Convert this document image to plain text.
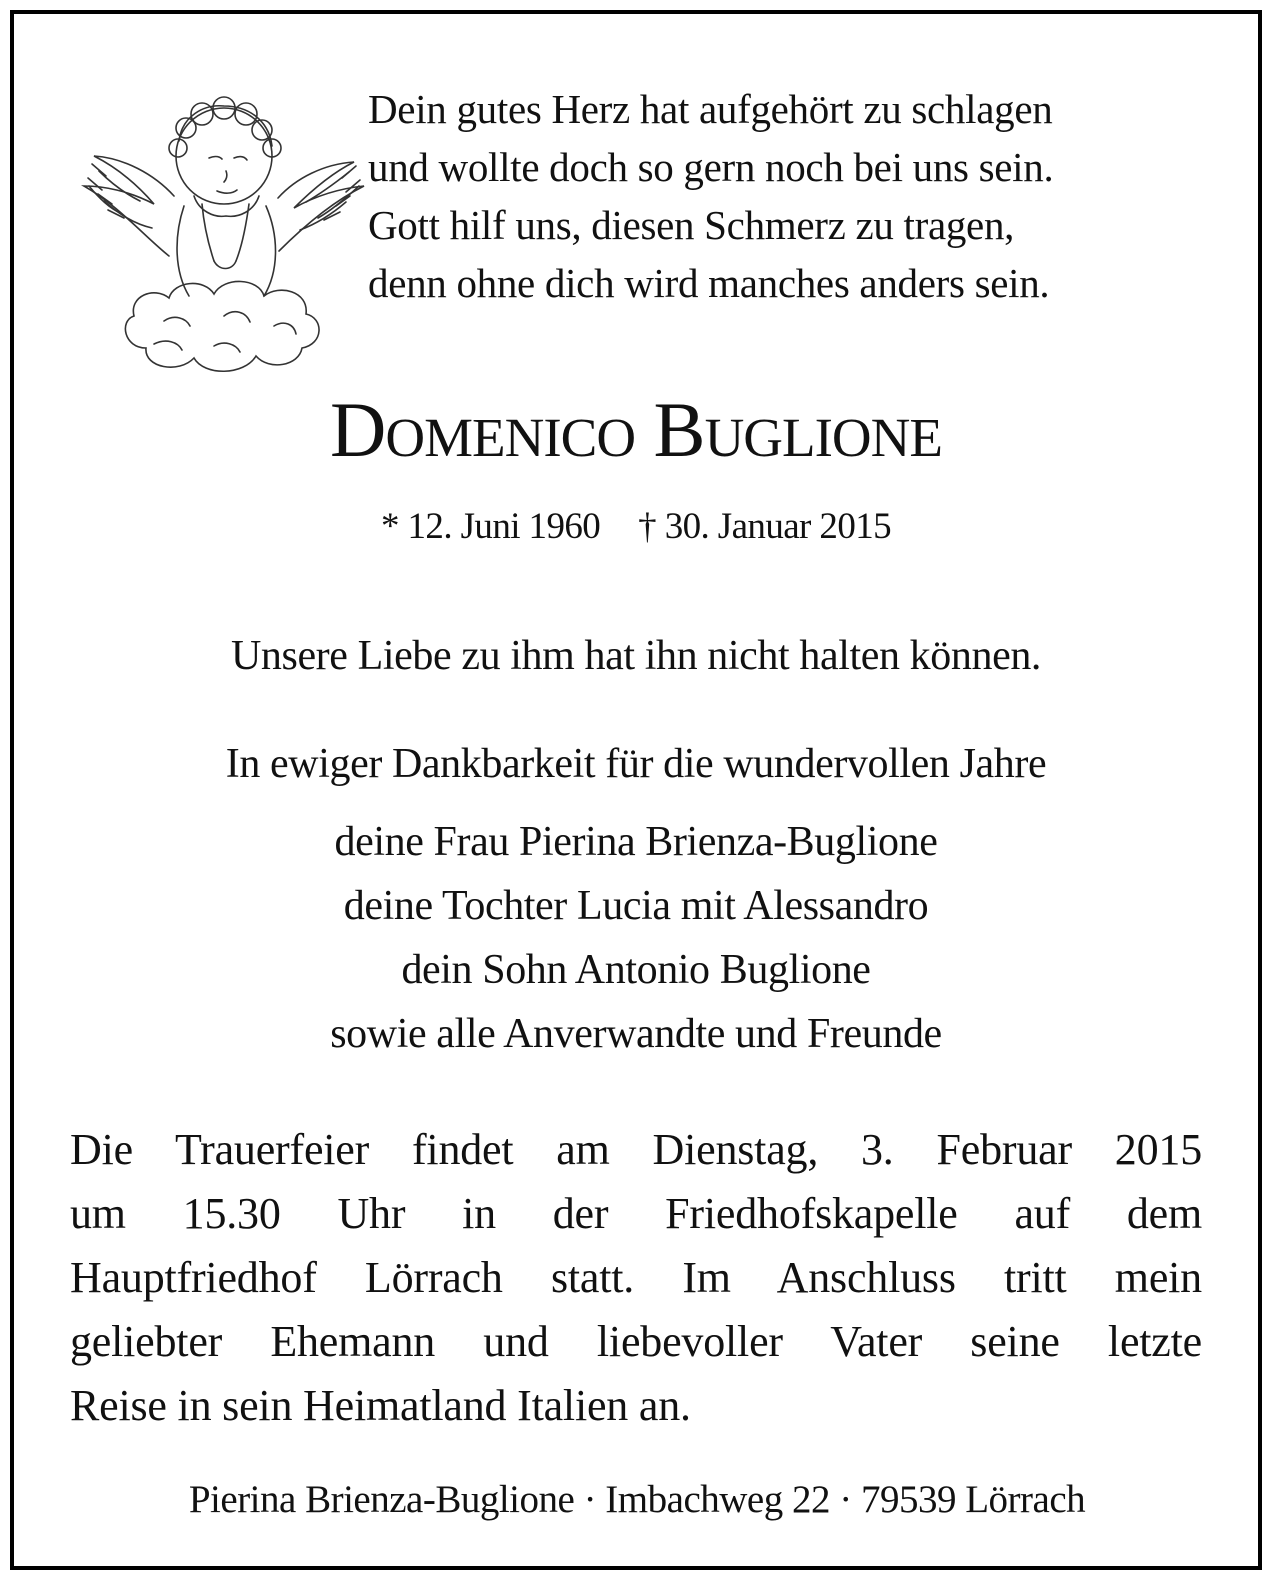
Dein gutes Herz hat aufgehört zu schlagen
und wollte doch so gern noch bei uns sein.
Gott hilf uns, diesen Schmerz zu tragen,
denn ohne dich wird manches anders sein.
Domenico Buglione
* 12. Juni 1960 † 30. Januar 2015
Unsere Liebe zu ihm hat ihn nicht halten können.
In ewiger Dankbarkeit für die wundervollen Jahre
deine Frau Pierina Brienza-Buglione
deine Tochter Lucia mit Alessandro
dein Sohn Antonio Buglione
sowie alle Anverwandte und Freunde
Die Trauerfeier findet am Dienstag, 3. Februar 2015
um 15.30 Uhr in der Friedhofskapelle auf dem
Hauptfriedhof Lörrach statt. Im Anschluss tritt mein
geliebter Ehemann und liebevoller Vater seine letzte
Reise in sein Heimatland Italien an.
Pierina Brienza-Buglione · Imbachweg 22 · 79539 Lörrach
